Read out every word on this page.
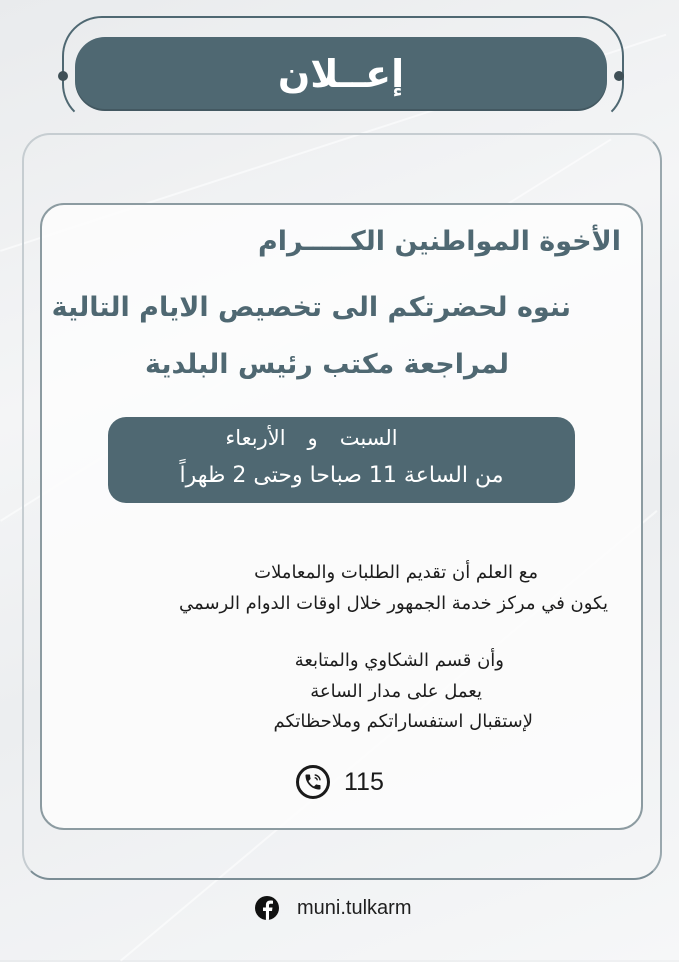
إعــلان
الأخوة المواطنين الكـــــرام
ننوه لحضرتكم الى تخصيص الايام التالية
لمراجعة مكتب رئيس البلدية
السبتوالأربعاء
من الساعة 11 صباحا وحتى 2 ظهراً
مع العلم أن تقديم الطلبات والمعاملات
يكون في مركز خدمة الجمهور خلال اوقات الدوام الرسمي
وأن قسم الشكاوي والمتابعة
يعمل على مدار الساعة
لإستقبال استفساراتكم وملاحظاتكم
115
muni.tulkarm
